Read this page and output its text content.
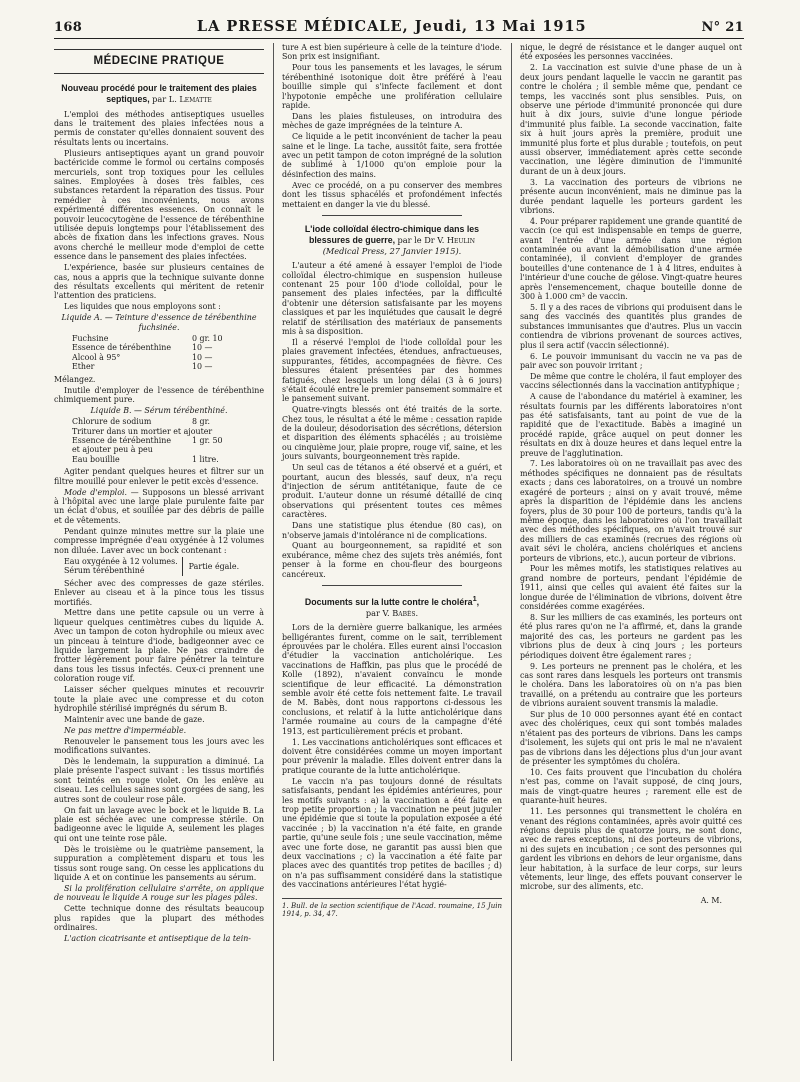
168	LA PRESSE MÉDICALE, Jeudi, 13 Mai 1915	N° 21
MÉDECINE PRATIQUE
Nouveau procédé pour le traitement des plaies septiques, par L. Lematte

L'emploi des méthodes antiseptiques usuelles dans le traitement des plaies infectées nous a permis de constater qu'elles donnaient souvent des résultats lents ou incertains.

Plusieurs antiseptiques ayant un grand pouvoir bactéricide comme le formol ou certains composés mercuriels, sont trop toxiques pour les cellules saines. Employées à doses très faibles, ces substances retardent la réparation des tissus. Pour remédier à ces inconvénients, nous avons expérimenté différentes essences. On connaît le pouvoir leucocytogène de l'essence de térébenthine utilisée depuis longtemps pour l'établissement des abcès de fixation dans les infections graves. Nous avons cherché le meilleur mode d'emploi de cette essence dans le pansement des plaies infectées.

L'expérience, basée sur plusieurs centaines de cas, nous a appris que la technique suivante donne des résultats excellents qui méritent de retenir l'attention des praticiens.

Les liquides que nous employons sont :

Liquide A. — Teinture d'essence de térébenthine fuchsinée.

Fuchsine	0 gr. 10
Essence de térébenthine	10 —
Alcool à 95°	10 —
Ether	10 —

Mélangez.

Inutile d'employer de l'essence de térébenthine chimiquement pure.

Liquide B. — Sérum térébenthiné.

Chlorure de sodium	8 gr.
Triturer dans un mortier et ajouter
Essence de térébenthine	1 gr. 50
et ajouter peu à peu
Eau bouillie	1 litre.

Agiter pendant quelques heures et filtrer sur un filtre mouillé pour enlever le petit excès d'essence.

Mode d'emploi. — Supposons un blessé arrivant à l'hôpital avec une large plaie purulente faite par un éclat d'obus, et souillée par des débris de paille et de vêtements.

Pendant quinze minutes mettre sur la plaie une compresse imprégnée d'eau oxygénée à 12 volumes non diluée. Laver avec un bock contenant :

Eau oxygénée à 12 volumes.
Sérum térébenthiné
Partie égale.

Sécher avec des compresses de gaze stériles. Enlever au ciseau et à la pince tous les tissus mortifiés.

Mettre dans une petite capsule ou un verre à liqueur quelques centimètres cubes du liquide A. Avec un tampon de coton hydrophile ou mieux avec un pinceau à teinture d'iode, badigeonner avec ce liquide largement la plaie. Ne pas craindre de frotter légèrement pour faire pénétrer la teinture dans tous les tissus infectés. Ceux-ci prennent une coloration rouge vif.

Laisser sécher quelques minutes et recouvrir toute la plaie avec une compresse et du coton hydrophile stérilisé imprégnés du sérum B.

Maintenir avec une bande de gaze.

Ne pas mettre d'imperméable.

Renouveler le pansement tous les jours avec les modifications suivantes.

Dès le lendemain, la suppuration a diminué. La plaie présente l'aspect suivant : les tissus mortifiés sont teintés en rouge violet. On les enlève au ciseau. Les cellules saines sont gorgées de sang, les autres sont de couleur rose pâle.

On fait un lavage avec le bock et le liquide B. La plaie est séchée avec une compresse stérile. On badigeonne avec le liquide A, seulement les plages qui ont une teinte rose pâle.

Dès le troisième ou le quatrième pansement, la suppuration a complètement disparu et tous les tissus sont rouge sang. On cesse les applications du liquide A et on continue les pansements au sérum.

Si la prolifération cellulaire s'arrête, on applique de nouveau le liquide A rouge sur les plages pâles.

Cette technique donne des résultats beaucoup plus rapides que la plupart des méthodes ordinaires.

L'action cicatrisante et antiseptique de la tein-

ture A est bien supérieure à celle de la teinture d'iode. Son prix est insignifiant.

Pour tous les pansements et les lavages, le sérum térébenthiné isotonique doit être préféré à l'eau bouillie simple qui s'infecte facilement et dont l'hypotonie empêche une prolifération cellulaire rapide.

Dans les plaies fistuleuses, on introduira des mèches de gaze imprégnées de la teinture A.

Ce liquide a le petit inconvénient de tacher la peau saine et le linge. La tache, aussitôt faite, sera frottée avec un petit tampon de coton imprégné de la solution de sublimé à 1/1000 qu'on emploie pour la désinfection des mains.

Avec ce procédé, on a pu conserver des membres dont les tissus sphacélés et profondément infectés mettaient en danger la vie du blessé.

L'iode colloïdal électro-chimique dans les blessures de guerre, par le Dr V. Heulin
(Medical Press, 27 Janvier 1915).

L'auteur a été amené à essayer l'emploi de l'iode colloïdal électro-chimique en suspension huileuse contenant 25 pour 100 d'iode colloïdal, pour le pansement des plaies infectées, par la difficulté d'obtenir une détersion satisfaisante par les moyens classiques et par les inquiétudes que causait le degré relatif de stérilisation des matériaux de pansements mis à sa disposition.

Il a réservé l'emploi de l'iode colloïdal pour les plaies gravement infectées, étendues, anfractueuses, suppurantes, fétides, accompagnées de fièvre. Ces blessures étaient présentées par des hommes fatigués, chez lesquels un long délai (3 à 6 jours) s'était écoulé entre le premier pansement sommaire et le pansement suivant.

Quatre-vingts blessés ont été traités de la sorte. Chez tous, le résultat a été le même : cessation rapide de la douleur, désodorisation des sécrétions, détersion et disparition des éléments sphacélés ; au troisième ou cinquième jour, plaie propre, rouge vif, saine, et les jours suivants, bourgeonnement très rapide.

Un seul cas de tétanos a été observé et a guéri, et pourtant, aucun des blessés, sauf deux, n'a reçu d'injection de sérum antitétanique, faute de ce produit. L'auteur donne un résumé détaillé de cinq observations qui présentent toutes ces mêmes caractères.

Dans une statistique plus étendue (80 cas), on n'observe jamais d'intolérance ni de complications.

Quant au bourgeonnement, sa rapidité et son exubérance, même chez des sujets très anémiés, font penser à la forme en chou-fleur des bourgeons cancéreux.

Documents sur la lutte contre le choléra$^1$,
par V. Babès.

Lors de la dernière guerre balkanique, les armées belligérantes furent, comme on le sait, terriblement éprouvées par le choléra. Elles eurent ainsi l'occasion d'étudier la vaccination anticholérique. Les vaccinations de Haffkin, pas plus que le procédé de Kolle (1892), n'avaient convaincu le monde scientifique de leur efficacité. La démonstration semble avoir été cette fois nettement faite. Le travail de M. Babès, dont nous rapportons ci-dessous les conclusions, et relatif à la lutte anticholérique dans l'armée roumaine au cours de la campagne d'été 1913, est particulièrement précis et probant.

1. Les vaccinations anticholériques sont efficaces et doivent être considérées comme un moyen important pour prévenir la maladie. Elles doivent entrer dans la pratique courante de la lutte anticholérique.

Le vaccin n'a pas toujours donné de résultats satisfaisants, pendant les épidémies antérieures, pour les motifs suivants : a) la vaccination a été faite en trop petite proportion ; la vaccination ne peut juguler une épidémie que si toute la population exposée a été vaccinée ; b) la vaccination n'a été faite, en grande partie, qu'une seule fois ; une seule vaccination, même avec une forte dose, ne garantit pas aussi bien que deux vaccinations ; c) la vaccination a été faite par places avec des quantités trop petites de bacilles ; d) on n'a pas suffisamment considéré dans la statistique des vaccinations antérieures l'état hygié-

1. Bull. de la section scientifique de l'Acad. roumaine, 15 Juin 1914, p. 34, 47.

nique, le degré de résistance et le danger auquel ont été exposées les personnes vaccinées.

2. La vaccination est suivie d'une phase de un à deux jours pendant laquelle le vaccin ne garantit pas contre le choléra ; il semble même que, pendant ce temps, les vaccinés sont plus sensibles. Puis, on observe une période d'immunité prononcée qui dure huit à dix jours, suivie d'une longue période d'immunité plus faible. La seconde vaccination, faite six à huit jours après la première, produit une immunité plus forte et plus durable ; toutefois, on peut aussi observer, immédiatement après cette seconde vaccination, une légère diminution de l'immunité durant de un à deux jours.

3. La vaccination des porteurs de vibrions ne présente aucun inconvénient, mais ne diminue pas la durée pendant laquelle les porteurs gardent les vibrions.

4. Pour préparer rapidement une grande quantité de vaccin (ce qui est indispensable en temps de guerre, avant l'entrée d'une armée dans une région contaminée ou avant la démobilisation d'une armée contaminée), il convient d'employer de grandes bouteilles d'une contenance de 1 à 4 litres, enduites à l'intérieur d'une couche de gélose. Vingt-quatre heures après l'ensemencement, chaque bouteille donne de 300 à 1.000 cm³ de vaccin.

5. Il y a des races de vibrions qui produisent dans le sang des vaccinés des quantités plus grandes de substances immunisantes que d'autres. Plus un vaccin contiendra de vibrions provenant de sources actives, plus il sera actif (vaccin sélectionné).

6. Le pouvoir immunisant du vaccin ne va pas de pair avec son pouvoir irritant ;

De même que contre le choléra, il faut employer des vaccins sélectionnés dans la vaccination antityphique ;

A cause de l'abondance du matériel à examiner, les résultats fournis par les différents laboratoires n'ont pas été satisfaisants, tant au point de vue de la rapidité que de l'exactitude. Babès a imaginé un procédé rapide, grâce auquel on peut donner les résultats en dix à douze heures et dans lequel entre la preuve de l'agglutination.

7. Les laboratoires où on ne travaillait pas avec des méthodes spécifiques ne donnaient pas de résultats exacts ; dans ces laboratoires, on a trouvé un nombre exagéré de porteurs ; ainsi on y avait trouvé, même après la disparition de l'épidémie dans les anciens foyers, plus de 30 pour 100 de porteurs, tandis qu'à la même époque, dans les laboratoires où l'on travaillait avec des méthodes spécifiques, on n'avait trouvé sur des milliers de cas examinés (recrues des régions où avait sévi le choléra, anciens cholériques et anciens porteurs de vibrions, etc.), aucun porteur de vibrions.

Pour les mêmes motifs, les statistiques relatives au grand nombre de porteurs, pendant l'épidémie de 1911, ainsi que celles qui avaient été faites sur la longue durée de l'élimination de vibrions, doivent être considérées comme exagérées.

8. Sur les milliers de cas examinés, les porteurs ont été plus rares qu'on ne l'a affirmé, et, dans la grande majorité des cas, les porteurs ne gardent pas les vibrions plus de deux à cinq jours ; les porteurs périodiques doivent être également rares ;

9. Les porteurs ne prennent pas le choléra, et les cas sont rares dans lesquels les porteurs ont transmis le choléra. Dans les laboratoires où on n'a pas bien travaillé, on a prétendu au contraire que les porteurs de vibrions auraient souvent transmis la maladie.

Sur plus de 10 000 personnes ayant été en contact avec des cholériques, ceux qui sont tombés malades n'étaient pas des porteurs de vibrions. Dans les camps d'isolement, les sujets qui ont pris le mal ne n'avaient pas de vibrions dans les déjections plus d'un jour avant de présenter les symptômes du choléra.

10. Ces faits prouvent que l'incubation du choléra n'est pas, comme on l'avait supposé, de cinq jours, mais de vingt-quatre heures ; rarement elle est de quarante-huit heures.

11. Les personnes qui transmettent le choléra en venant des régions contaminées, après avoir quitté ces régions depuis plus de quatorze jours, ne sont donc, avec de rares exceptions, ni des porteurs de vibrions, ni des sujets en incubation ; ce sont des personnes qui gardent les vibrions en dehors de leur organisme, dans leur habitation, à la surface de leur corps, sur leurs vêtements, leur linge, des effets pouvant conserver le microbe, sur des aliments, etc.

A. M.
